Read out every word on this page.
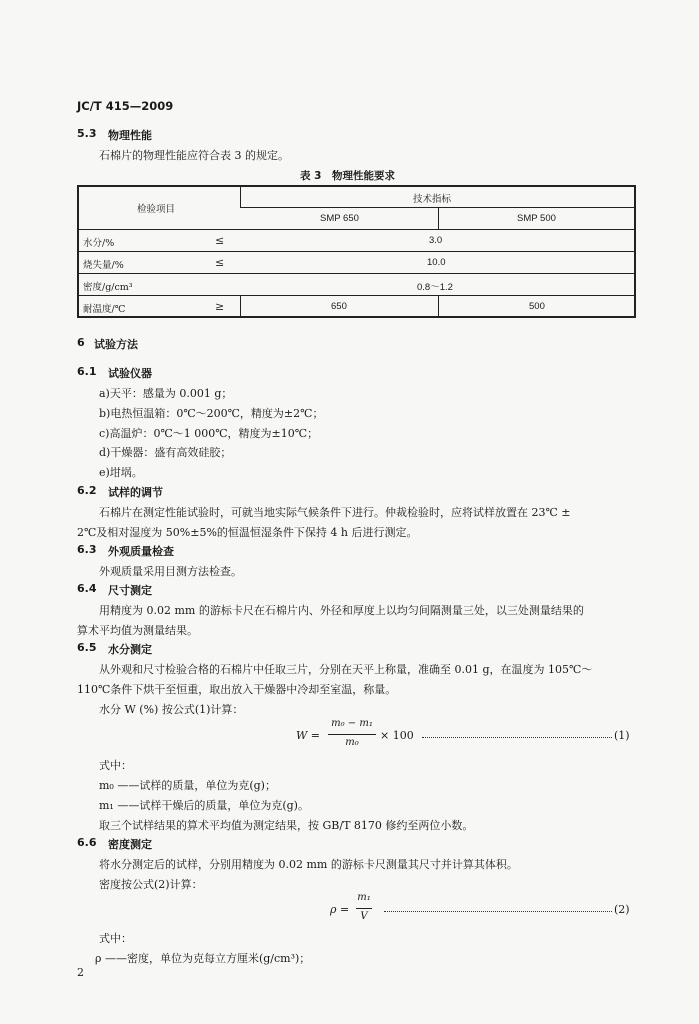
JC/T 415—2009
5.3 物理性能
石棉片的物理性能应符合表 3 的规定。
表 3　物理性能要求
检验项目
技术指标
SMP 650	SMP 500
水分/%	≤	3.0
烧失量/%	≤	10.0
密度/g/cm³	0.8～1.2
耐温度/℃	≥	650	500
6 试验方法
6.1 试验仪器
a)天平：感量为 0.001 g；
b)电热恒温箱：0℃～200℃，精度为±2℃；
c)高温炉：0℃～1 000℃，精度为±10℃；
d)干燥器：盛有高效硅胶；
e)坩埚。
6.2 试样的调节
石棉片在测定性能试验时，可就当地实际气候条件下进行。仲裁检验时，应将试样放置在 23℃ ±
2℃及相对湿度为 50%±5%的恒温恒湿条件下保持 4 h 后进行测定。
6.3 外观质量检查
外观质量采用目测方法检查。
6.4 尺寸测定
用精度为 0.02 mm 的游标卡尺在石棉片内、外径和厚度上以均匀间隔测量三处，以三处测量结果的
算术平均值为测量结果。
6.5 水分测定
从外观和尺寸检验合格的石棉片中任取三片，分别在天平上称量，准确至 0.01 g，在温度为 105℃～
110℃条件下烘干至恒重，取出放入干燥器中冷却至室温，称量。
水分 W (%) 按公式(1)计算：
W =
m₀ − m₁
m₀
× 100	(1)
式中：
m₀ ——试样的质量，单位为克(g)；
m₁ ——试样干燥后的质量，单位为克(g)。
取三个试样结果的算术平均值为测定结果，按 GB/T 8170 修约至两位小数。
6.6 密度测定
将水分测定后的试样，分别用精度为 0.02 mm 的游标卡尺测量其尺寸并计算其体积。
密度按公式(2)计算：
ρ =
m₁
V
(2)
式中：
ρ ——密度，单位为克每立方厘米(g/cm³)；
2
